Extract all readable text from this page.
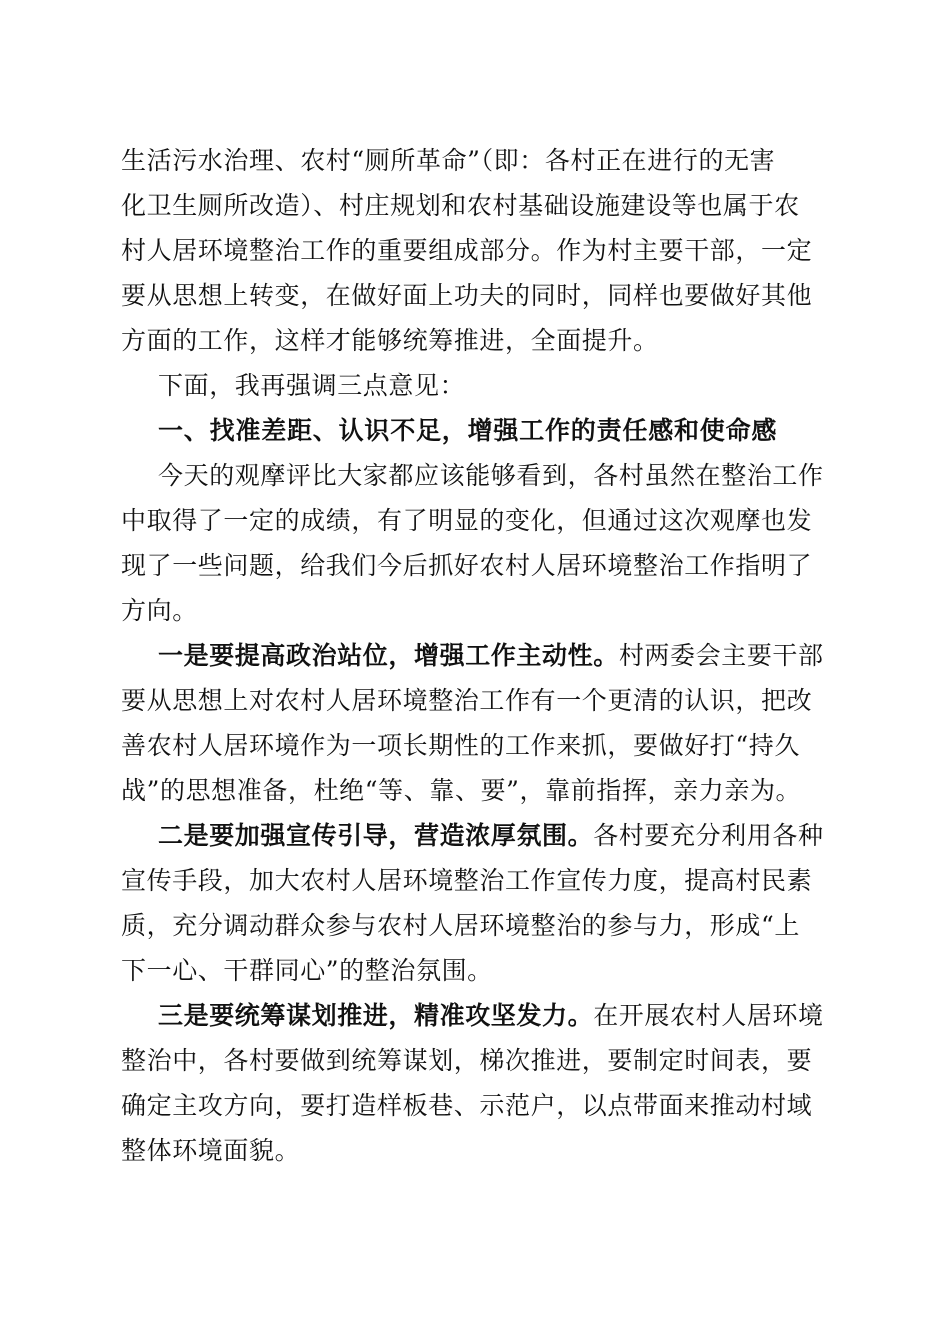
生活污水治理、农村“厕所革命”（即：各村正在进行的无害
化卫生厕所改造）、村庄规划和农村基础设施建设等也属于农
村人居环境整治工作的重要组成部分。作为村主要干部，一定
要从思想上转变，在做好面上功夫的同时，同样也要做好其他
方面的工作，这样才能够统筹推进，全面提升。
下面，我再强调三点意见：
一、找准差距、认识不足，增强工作的责任感和使命感
今天的观摩评比大家都应该能够看到，各村虽然在整治工作
中取得了一定的成绩，有了明显的变化，但通过这次观摩也发
现了一些问题，给我们今后抓好农村人居环境整治工作指明了
方向。
一是要提高政治站位，增强工作主动性。村两委会主要干部
要从思想上对农村人居环境整治工作有一个更清的认识，把改
善农村人居环境作为一项长期性的工作来抓，要做好打“持久
战”的思想准备，杜绝“等、靠、要”，靠前指挥，亲力亲为。
二是要加强宣传引导，营造浓厚氛围。各村要充分利用各种
宣传手段，加大农村人居环境整治工作宣传力度，提高村民素
质，充分调动群众参与农村人居环境整治的参与力，形成“上
下一心、干群同心”的整治氛围。
三是要统筹谋划推进，精准攻坚发力。在开展农村人居环境
整治中，各村要做到统筹谋划，梯次推进，要制定时间表，要
确定主攻方向，要打造样板巷、示范户，以点带面来推动村域
整体环境面貌。
